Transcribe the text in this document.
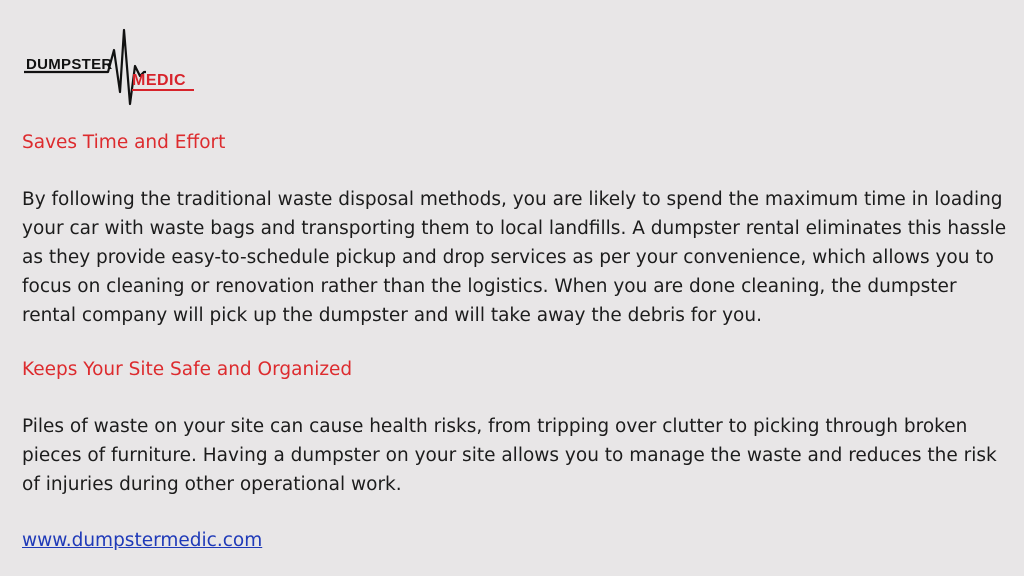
DUMPSTER
MEDIC
Saves Time and Effort

By following the traditional waste disposal methods, you are likely to spend the maximum time in loading your car with waste bags and transporting them to local landfills. A dumpster rental eliminates this hassle as they provide easy-to-schedule pickup and drop services as per your convenience, which allows you to focus on cleaning or renovation rather than the logistics. When you are done cleaning, the dumpster rental company will pick up the dumpster and will take away the debris for you.

Keeps Your Site Safe and Organized

Piles of waste on your site can cause health risks, from tripping over clutter to picking through broken pieces of furniture. Having a dumpster on your site allows you to manage the waste and reduces the risk of injuries during other operational work.

www.dumpstermedic.com
